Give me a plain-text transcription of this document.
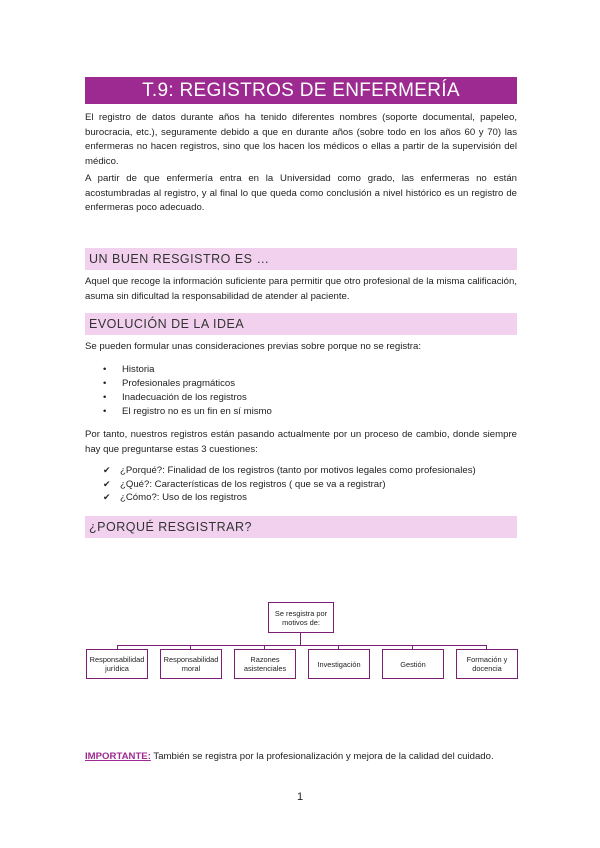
T.9: REGISTROS DE ENFERMERÍA

El registro de datos durante años ha tenido diferentes nombres (soporte documental, papeleo, burocracia, etc.), seguramente debido a que en durante años (sobre todo en los años 60 y 70) las enfermeras no hacen registros, sino que los hacen los médicos o ellas a partir de la supervisión del médico.

A partir de que enfermería entra en la Universidad como grado, las enfermeras no están acostumbradas al registro, y al final lo que queda como conclusión a nivel histórico es un registro de enfermeras poco adecuado.

UN BUEN RESGISTRO ES …

Aquel que recoge la información suficiente para permitir que otro profesional de la misma calificación, asuma sin dificultad la responsabilidad de atender al paciente.

EVOLUCIÓN DE LA IDEA

Se pueden formular unas consideraciones previas sobre porque no se registra:

• Historia
• Profesionales pragmáticos
• Inadecuación de los registros
• El registro no es un fin en sí mismo

Por tanto, nuestros registros están pasando actualmente por un proceso de cambio, donde siempre hay que preguntarse estas 3 cuestiones:

✔ ¿Porqué?: Finalidad de los registros (tanto por motivos legales como profesionales)
✔ ¿Qué?: Características de los registros ( que se va a registrar)
✔ ¿Cómo?: Uso de los registros
¿PORQUÉ RESGISTRAR?
Se resgistra por motivos de:
Responsabilidad jurídica
Responsabilidad moral
Razones asistenciales	Investigación	Gestión	Formación y docencia
IMPORTANTE: También se registra por la profesionalización y mejora de la calidad del cuidado.
1
